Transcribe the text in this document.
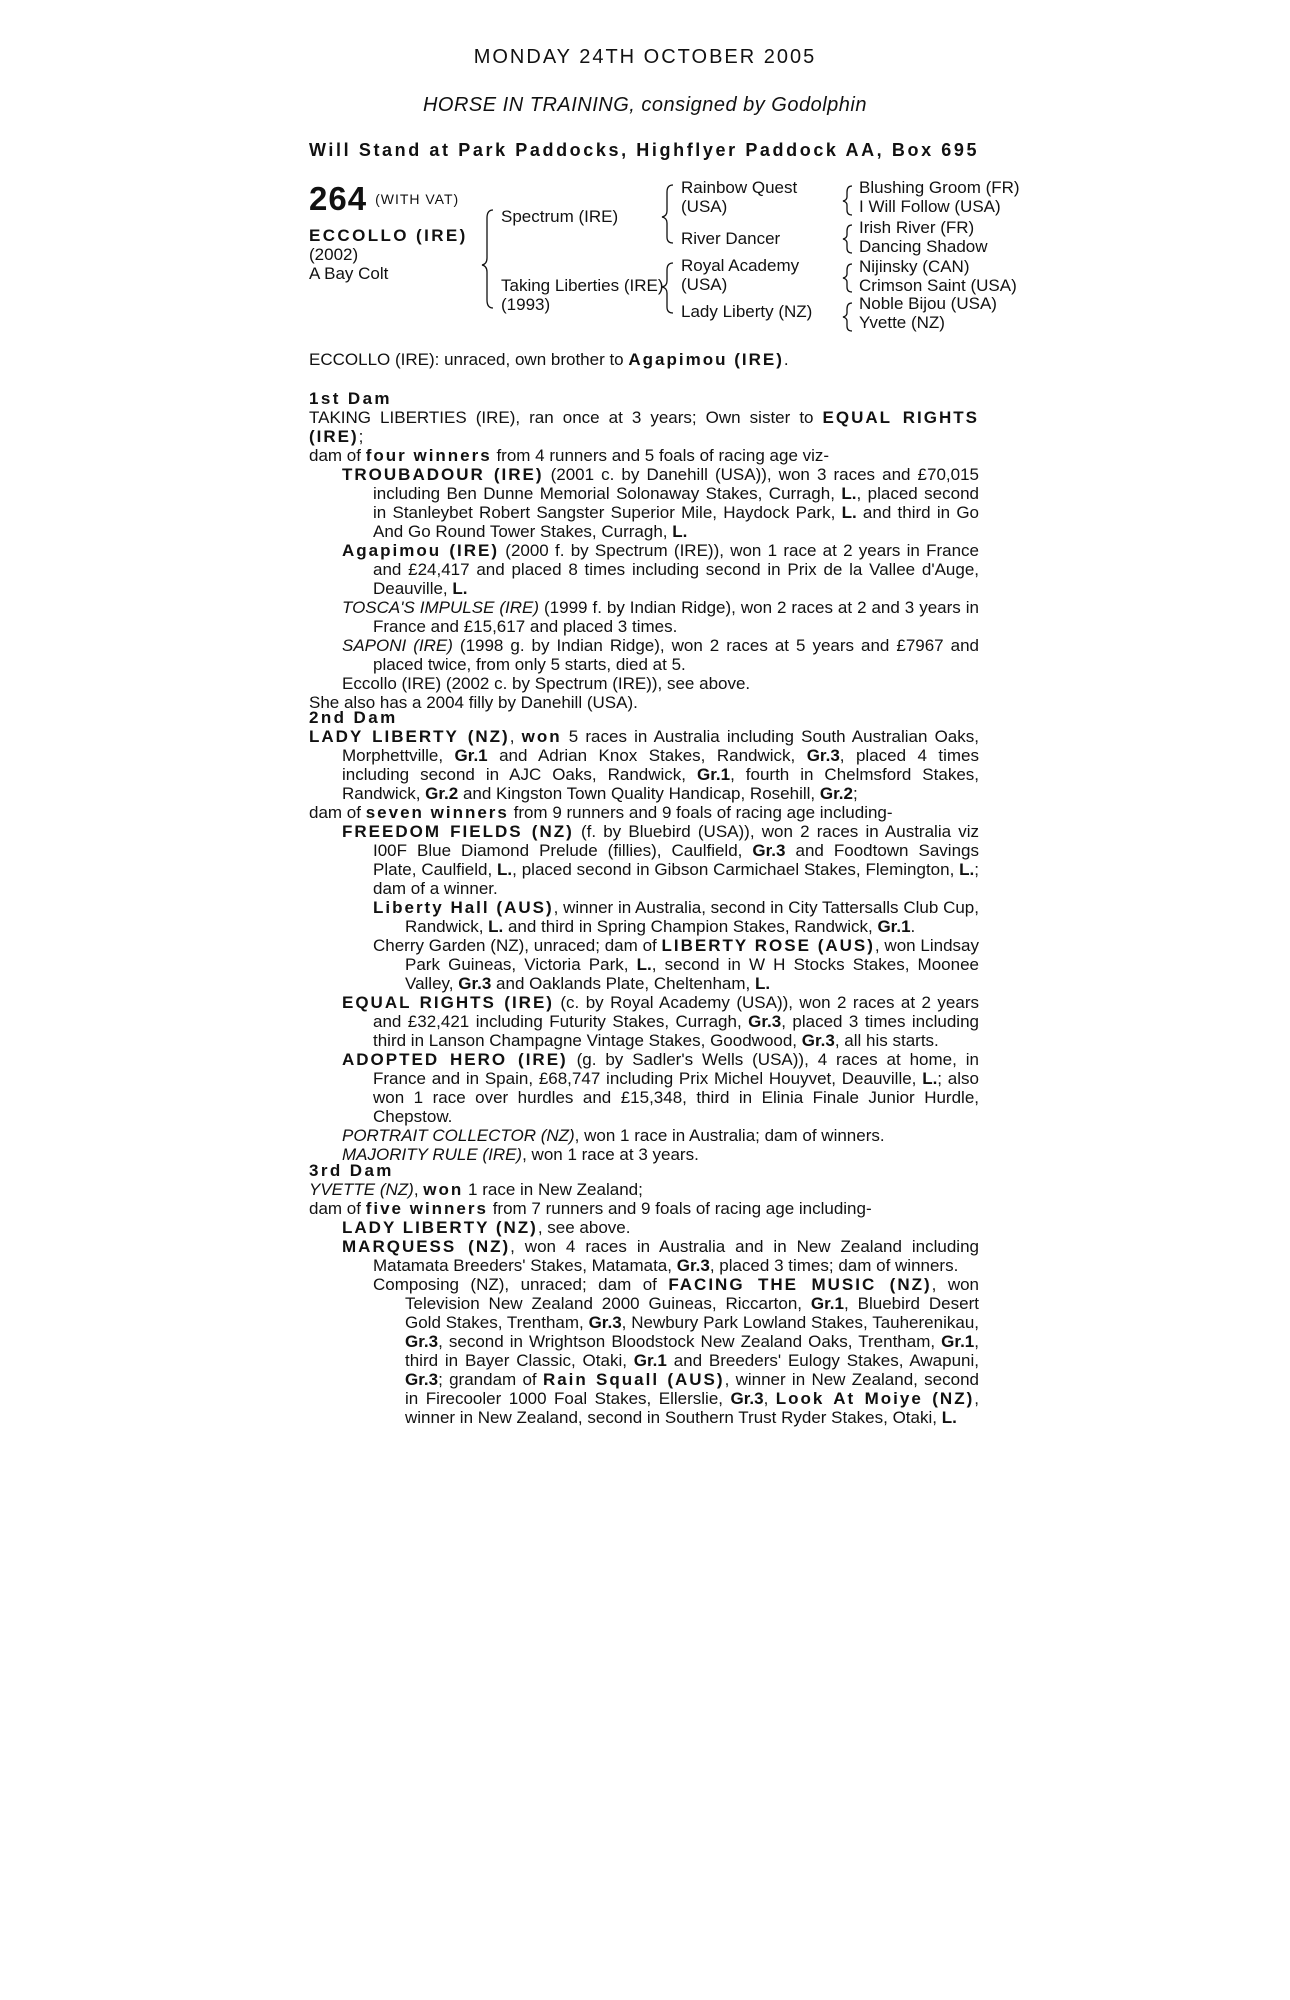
MONDAY 24TH OCTOBER 2005
HORSE IN TRAINING, consigned by Godolphin
Will Stand at Park Paddocks, Highflyer Paddock AA, Box 695
264 $^{(WITH VAT)}$
ECCOLLO (IRE)
(2002)
A Bay Colt
Spectrum (IRE)
Taking Liberties (IRE)
(1993)
Rainbow Quest
(USA)
River Dancer
Royal Academy
(USA)
Lady Liberty (NZ)
Blushing Groom (FR)
I Will Follow (USA)
Irish River (FR)
Dancing Shadow
Nijinsky (CAN)
Crimson Saint (USA)
Noble Bijou (USA)
Yvette (NZ)

ECCOLLO (IRE): unraced, own brother to Agapimou (IRE).

1st Dam

TAKING LIBERTIES (IRE), ran once at 3 years; Own sister to EQUAL RIGHTS (IRE);

dam of four winners from 4 runners and 5 foals of racing age viz-

TROUBADOUR (IRE) (2001 c. by Danehill (USA)), won 3 races and £70,015 including Ben Dunne Memorial Solonaway Stakes, Curragh, L., placed second in Stanleybet Robert Sangster Superior Mile, Haydock Park, L. and third in Go And Go Round Tower Stakes, Curragh, L.

Agapimou (IRE) (2000 f. by Spectrum (IRE)), won 1 race at 2 years in France and £24,417 and placed 8 times including second in Prix de la Vallee d'Auge, Deauville, L.

TOSCA'S IMPULSE (IRE) (1999 f. by Indian Ridge), won 2 races at 2 and 3 years in France and £15,617 and placed 3 times.

SAPONI (IRE) (1998 g. by Indian Ridge), won 2 races at 5 years and £7967 and placed twice, from only 5 starts, died at 5.

Eccollo (IRE) (2002 c. by Spectrum (IRE)), see above.

She also has a 2004 filly by Danehill (USA).

2nd Dam

LADY LIBERTY (NZ), won 5 races in Australia including South Australian Oaks, Morphettville, Gr.1 and Adrian Knox Stakes, Randwick, Gr.3, placed 4 times including second in AJC Oaks, Randwick, Gr.1, fourth in Chelmsford Stakes, Randwick, Gr.2 and Kingston Town Quality Handicap, Rosehill, Gr.2;

dam of seven winners from 9 runners and 9 foals of racing age including-

FREEDOM FIELDS (NZ) (f. by Bluebird (USA)), won 2 races in Australia viz I00F Blue Diamond Prelude (fillies), Caulfield, Gr.3 and Foodtown Savings Plate, Caulfield, L., placed second in Gibson Carmichael Stakes, Flemington, L.; dam of a winner.

Liberty Hall (AUS), winner in Australia, second in City Tattersalls Club Cup, Randwick, L. and third in Spring Champion Stakes, Randwick, Gr.1.

Cherry Garden (NZ), unraced; dam of LIBERTY ROSE (AUS), won Lindsay Park Guineas, Victoria Park, L., second in W H Stocks Stakes, Moonee Valley, Gr.3 and Oaklands Plate, Cheltenham, L.

EQUAL RIGHTS (IRE) (c. by Royal Academy (USA)), won 2 races at 2 years and £32,421 including Futurity Stakes, Curragh, Gr.3, placed 3 times including third in Lanson Champagne Vintage Stakes, Goodwood, Gr.3, all his starts.

ADOPTED HERO (IRE) (g. by Sadler's Wells (USA)), 4 races at home, in France and in Spain, £68,747 including Prix Michel Houyvet, Deauville, L.; also won 1 race over hurdles and £15,348, third in Elinia Finale Junior Hurdle, Chepstow.

PORTRAIT COLLECTOR (NZ), won 1 race in Australia; dam of winners.

MAJORITY RULE (IRE), won 1 race at 3 years.

3rd Dam

YVETTE (NZ), won 1 race in New Zealand;

dam of five winners from 7 runners and 9 foals of racing age including-

LADY LIBERTY (NZ), see above.

MARQUESS (NZ), won 4 races in Australia and in New Zealand including Matamata Breeders' Stakes, Matamata, Gr.3, placed 3 times; dam of winners.

Composing (NZ), unraced; dam of FACING THE MUSIC (NZ), won Television New Zealand 2000 Guineas, Riccarton, Gr.1, Bluebird Desert Gold Stakes, Trentham, Gr.3, Newbury Park Lowland Stakes, Tauherenikau, Gr.3, second in Wrightson Bloodstock New Zealand Oaks, Trentham, Gr.1, third in Bayer Classic, Otaki, Gr.1 and Breeders' Eulogy Stakes, Awapuni, Gr.3; grandam of Rain Squall (AUS), winner in New Zealand, second in Firecooler 1000 Foal Stakes, Ellerslie, Gr.3, Look At Moiye (NZ), winner in New Zealand, second in Southern Trust Ryder Stakes, Otaki, L.
